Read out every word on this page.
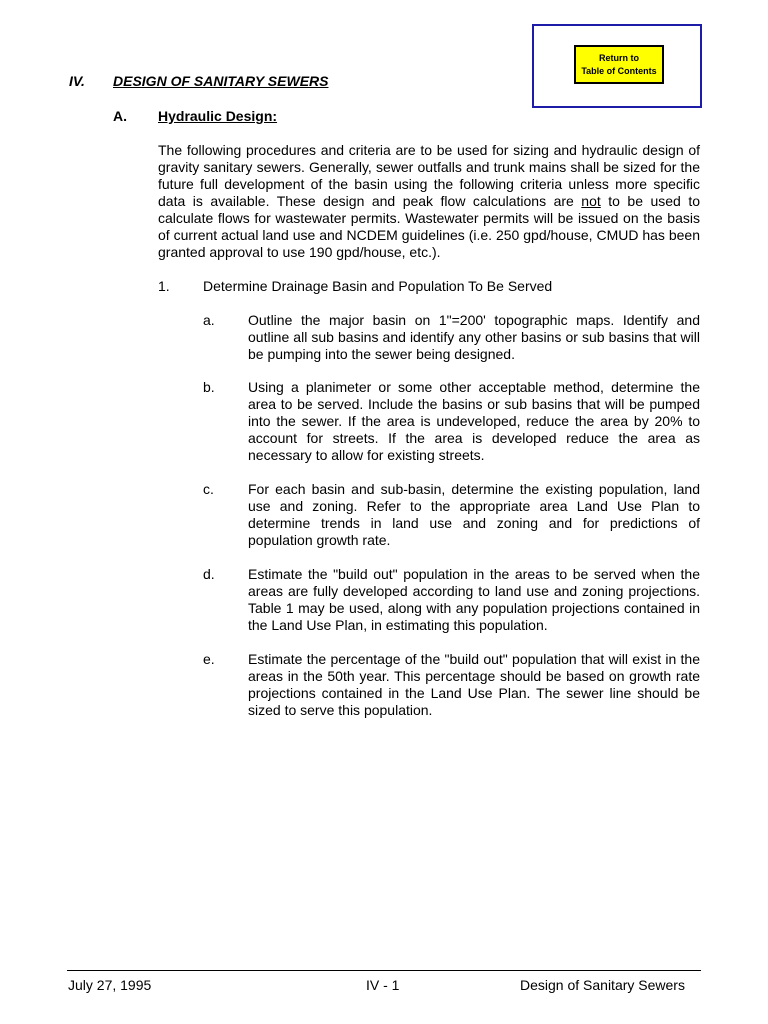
Return to
Table of Contents
IV. DESIGN OF SANITARY SEWERS
A. Hydraulic Design:

The following procedures and criteria are to be used for sizing and hydraulic design of gravity sanitary sewers. Generally, sewer outfalls and trunk mains shall be sized for the future full development of the basin using the following criteria unless more specific data is available. These design and peak flow calculations are not to be used to calculate flows for wastewater permits. Wastewater permits will be issued on the basis of current actual land use and NCDEM guidelines (i.e. 250 gpd/house, CMUD has been granted approval to use 190 gpd/house, etc.).

1. Determine Drainage Basin and Population To Be Served
a. Outline the major basin on 1"=200' topographic maps. Identify and outline all sub basins and identify any other basins or sub basins that will be pumping into the sewer being designed.
b. Using a planimeter or some other acceptable method, determine the area to be served. Include the basins or sub basins that will be pumped into the sewer. If the area is undeveloped, reduce the area by 20% to account for streets. If the area is developed reduce the area as necessary to allow for existing streets.
c. For each basin and sub-basin, determine the existing population, land use and zoning. Refer to the appropriate area Land Use Plan to determine trends in land use and zoning and for predictions of population growth rate.
d. Estimate the "build out" population in the areas to be served when the areas are fully developed according to land use and zoning projections. Table 1 may be used, along with any population projections contained in the Land Use Plan, in estimating this population.
e. Estimate the percentage of the "build out" population that will exist in the areas in the 50th year. This percentage should be based on growth rate projections contained in the Land Use Plan. The sewer line should be sized to serve this population.
July 27, 1995	IV - 1	Design of Sanitary Sewers
